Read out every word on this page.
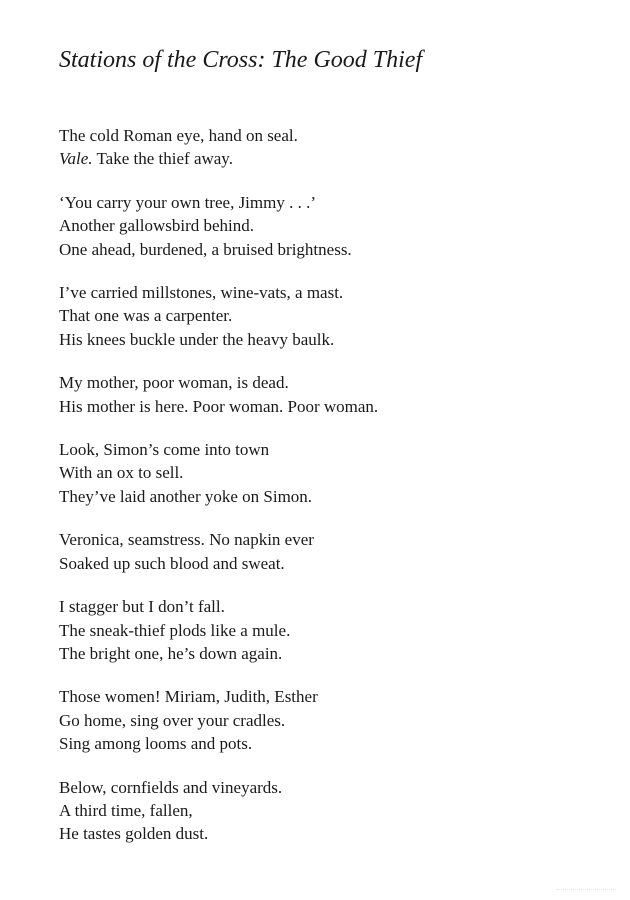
Stations of the Cross: The Good Thief
The cold Roman eye, hand on seal.
Vale. Take the thief away.
‘You carry your own tree, Jimmy . . .’
Another gallowsbird behind.
One ahead, burdened, a bruised brightness.
I’ve carried millstones, wine-vats, a mast.
That one was a carpenter.
His knees buckle under the heavy baulk.
My mother, poor woman, is dead.
His mother is here. Poor woman. Poor woman.
Look, Simon’s come into town
With an ox to sell.
They’ve laid another yoke on Simon.
Veronica, seamstress. No napkin ever
Soaked up such blood and sweat.
I stagger but I don’t fall.
The sneak-thief plods like a mule.
The bright one, he’s down again.
Those women! Miriam, Judith, Esther
Go home, sing over your cradles.
Sing among looms and pots.
Below, cornfields and vineyards.
A third time, fallen,
He tastes golden dust.
